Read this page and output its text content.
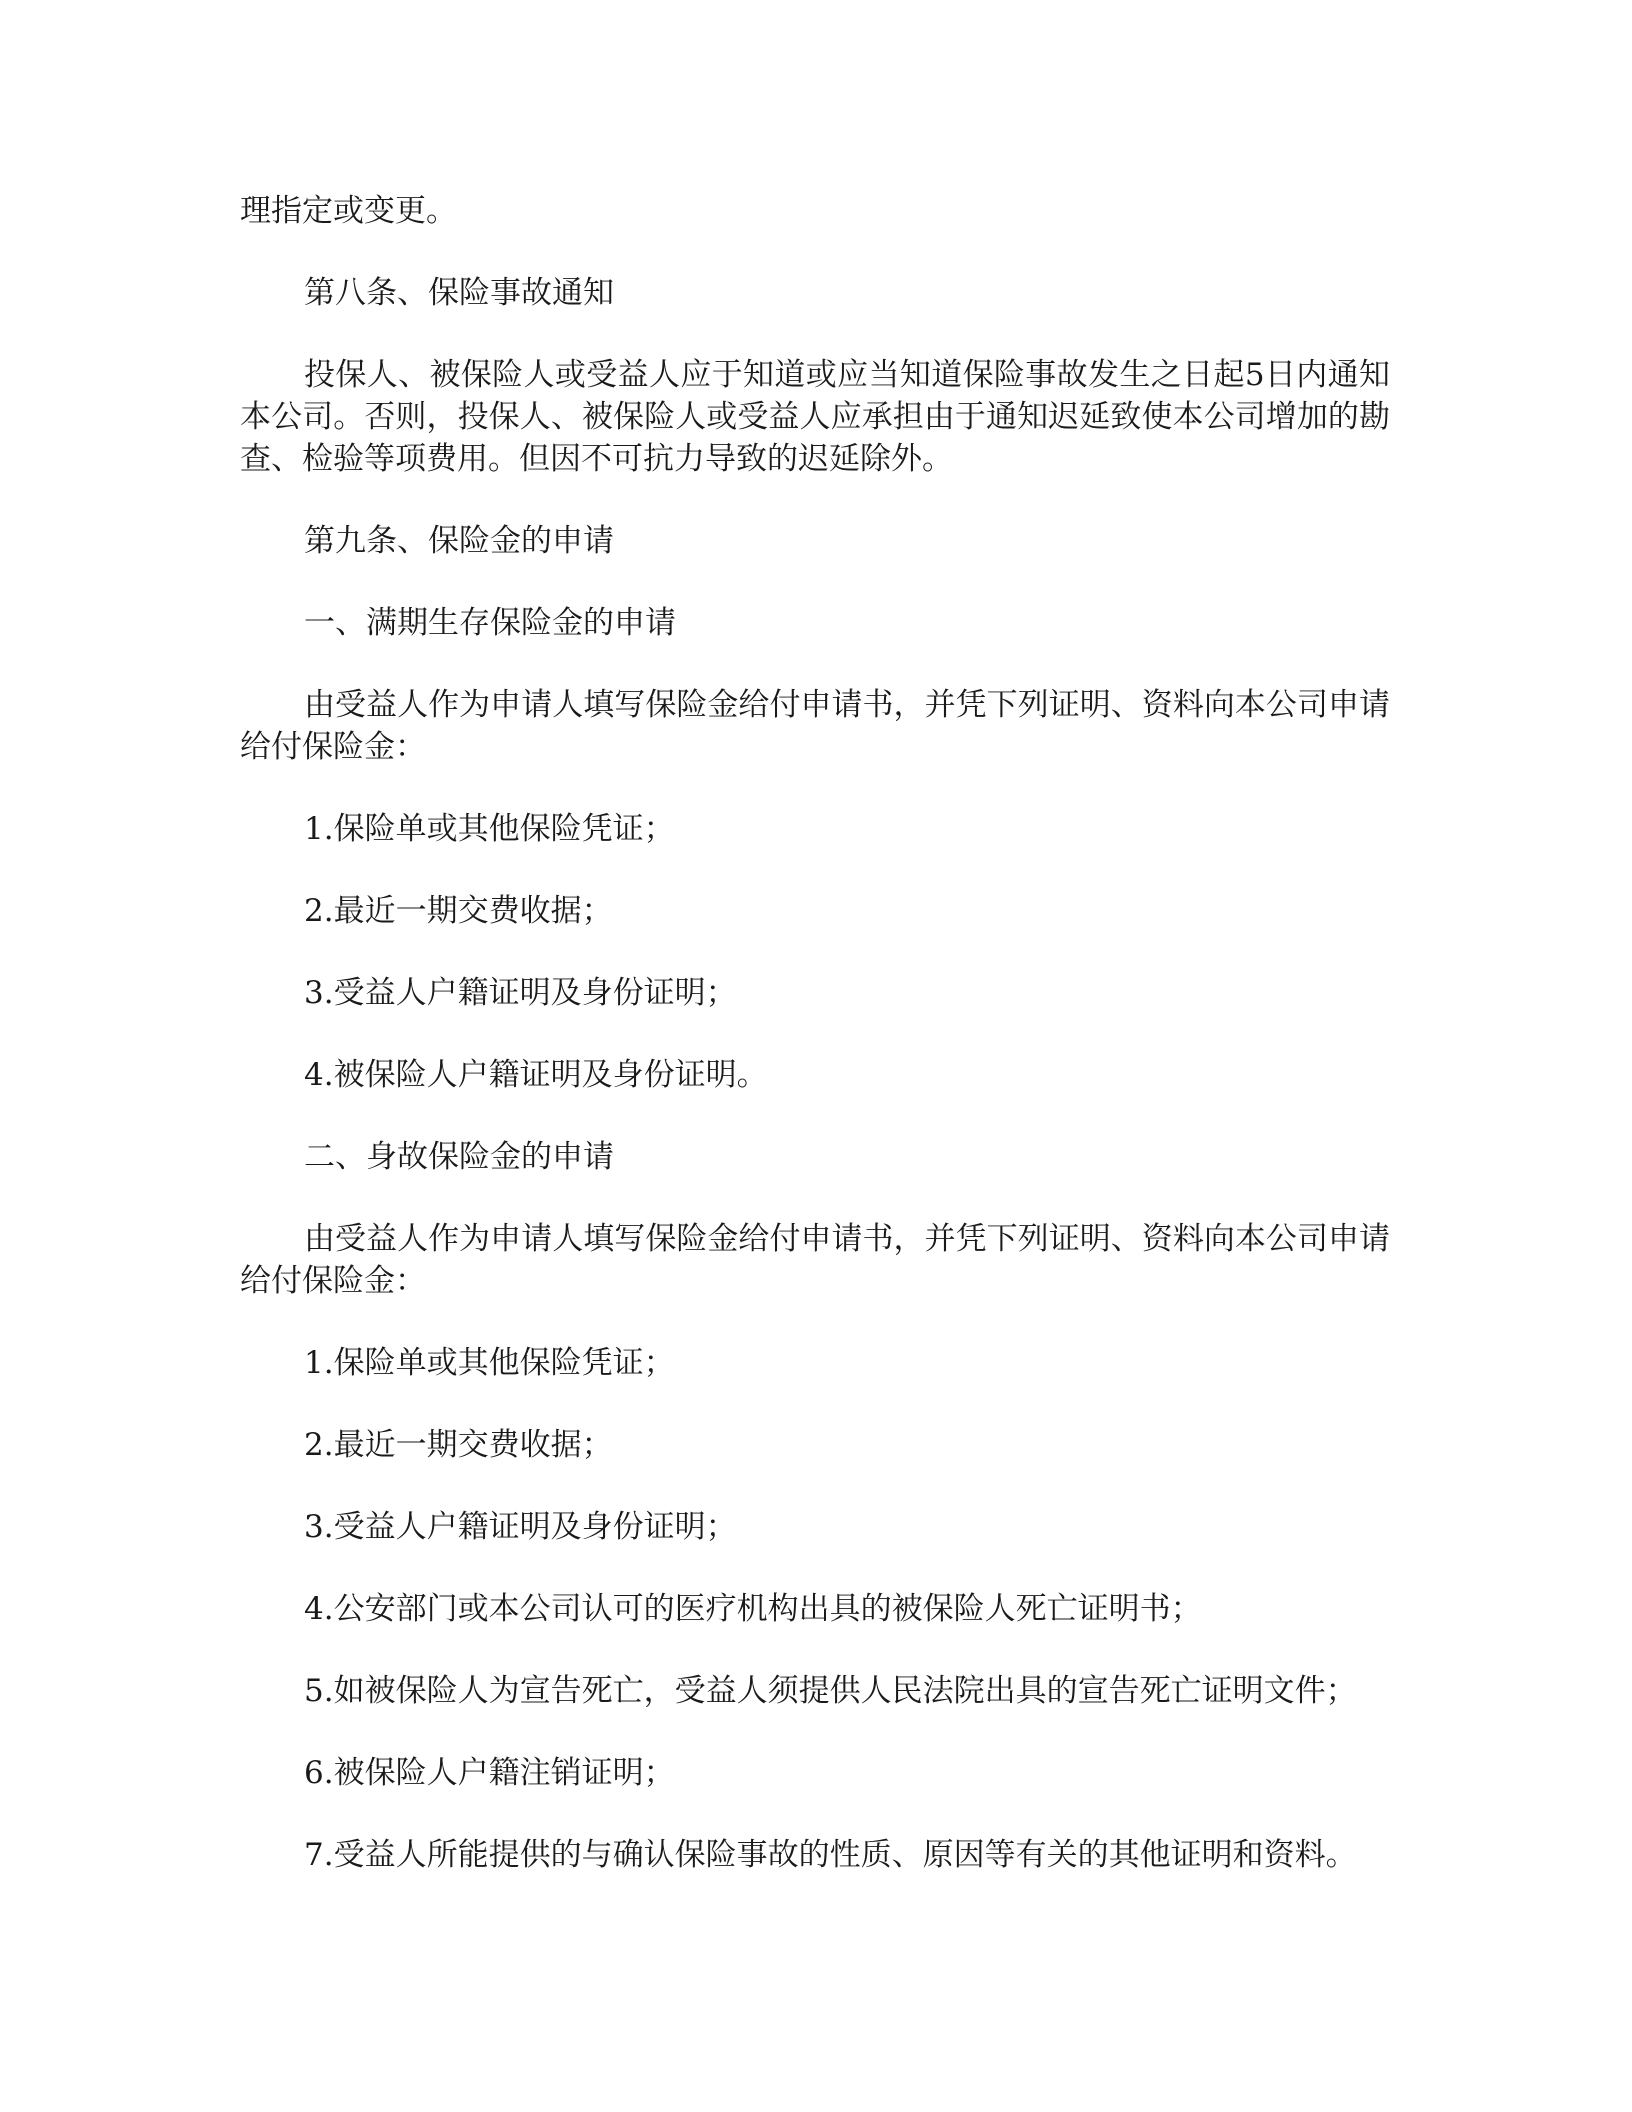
理指定或变更。

第八条、保险事故通知

投保人、被保险人或受益人应于知道或应当知道保险事故发生之日起5日内通知本公司。否则，投保人、被保险人或受益人应承担由于通知迟延致使本公司增加的勘查、检验等项费用。但因不可抗力导致的迟延除外。

第九条、保险金的申请

一、满期生存保险金的申请

由受益人作为申请人填写保险金给付申请书，并凭下列证明、资料向本公司申请给付保险金：

1.保险单或其他保险凭证；

2.最近一期交费收据；

3.受益人户籍证明及身份证明；

4.被保险人户籍证明及身份证明。

二、身故保险金的申请

由受益人作为申请人填写保险金给付申请书，并凭下列证明、资料向本公司申请给付保险金：

1.保险单或其他保险凭证；

2.最近一期交费收据；

3.受益人户籍证明及身份证明；

4.公安部门或本公司认可的医疗机构出具的被保险人死亡证明书；

5.如被保险人为宣告死亡，受益人须提供人民法院出具的宣告死亡证明文件；

6.被保险人户籍注销证明；

7.受益人所能提供的与确认保险事故的性质、原因等有关的其他证明和资料。
